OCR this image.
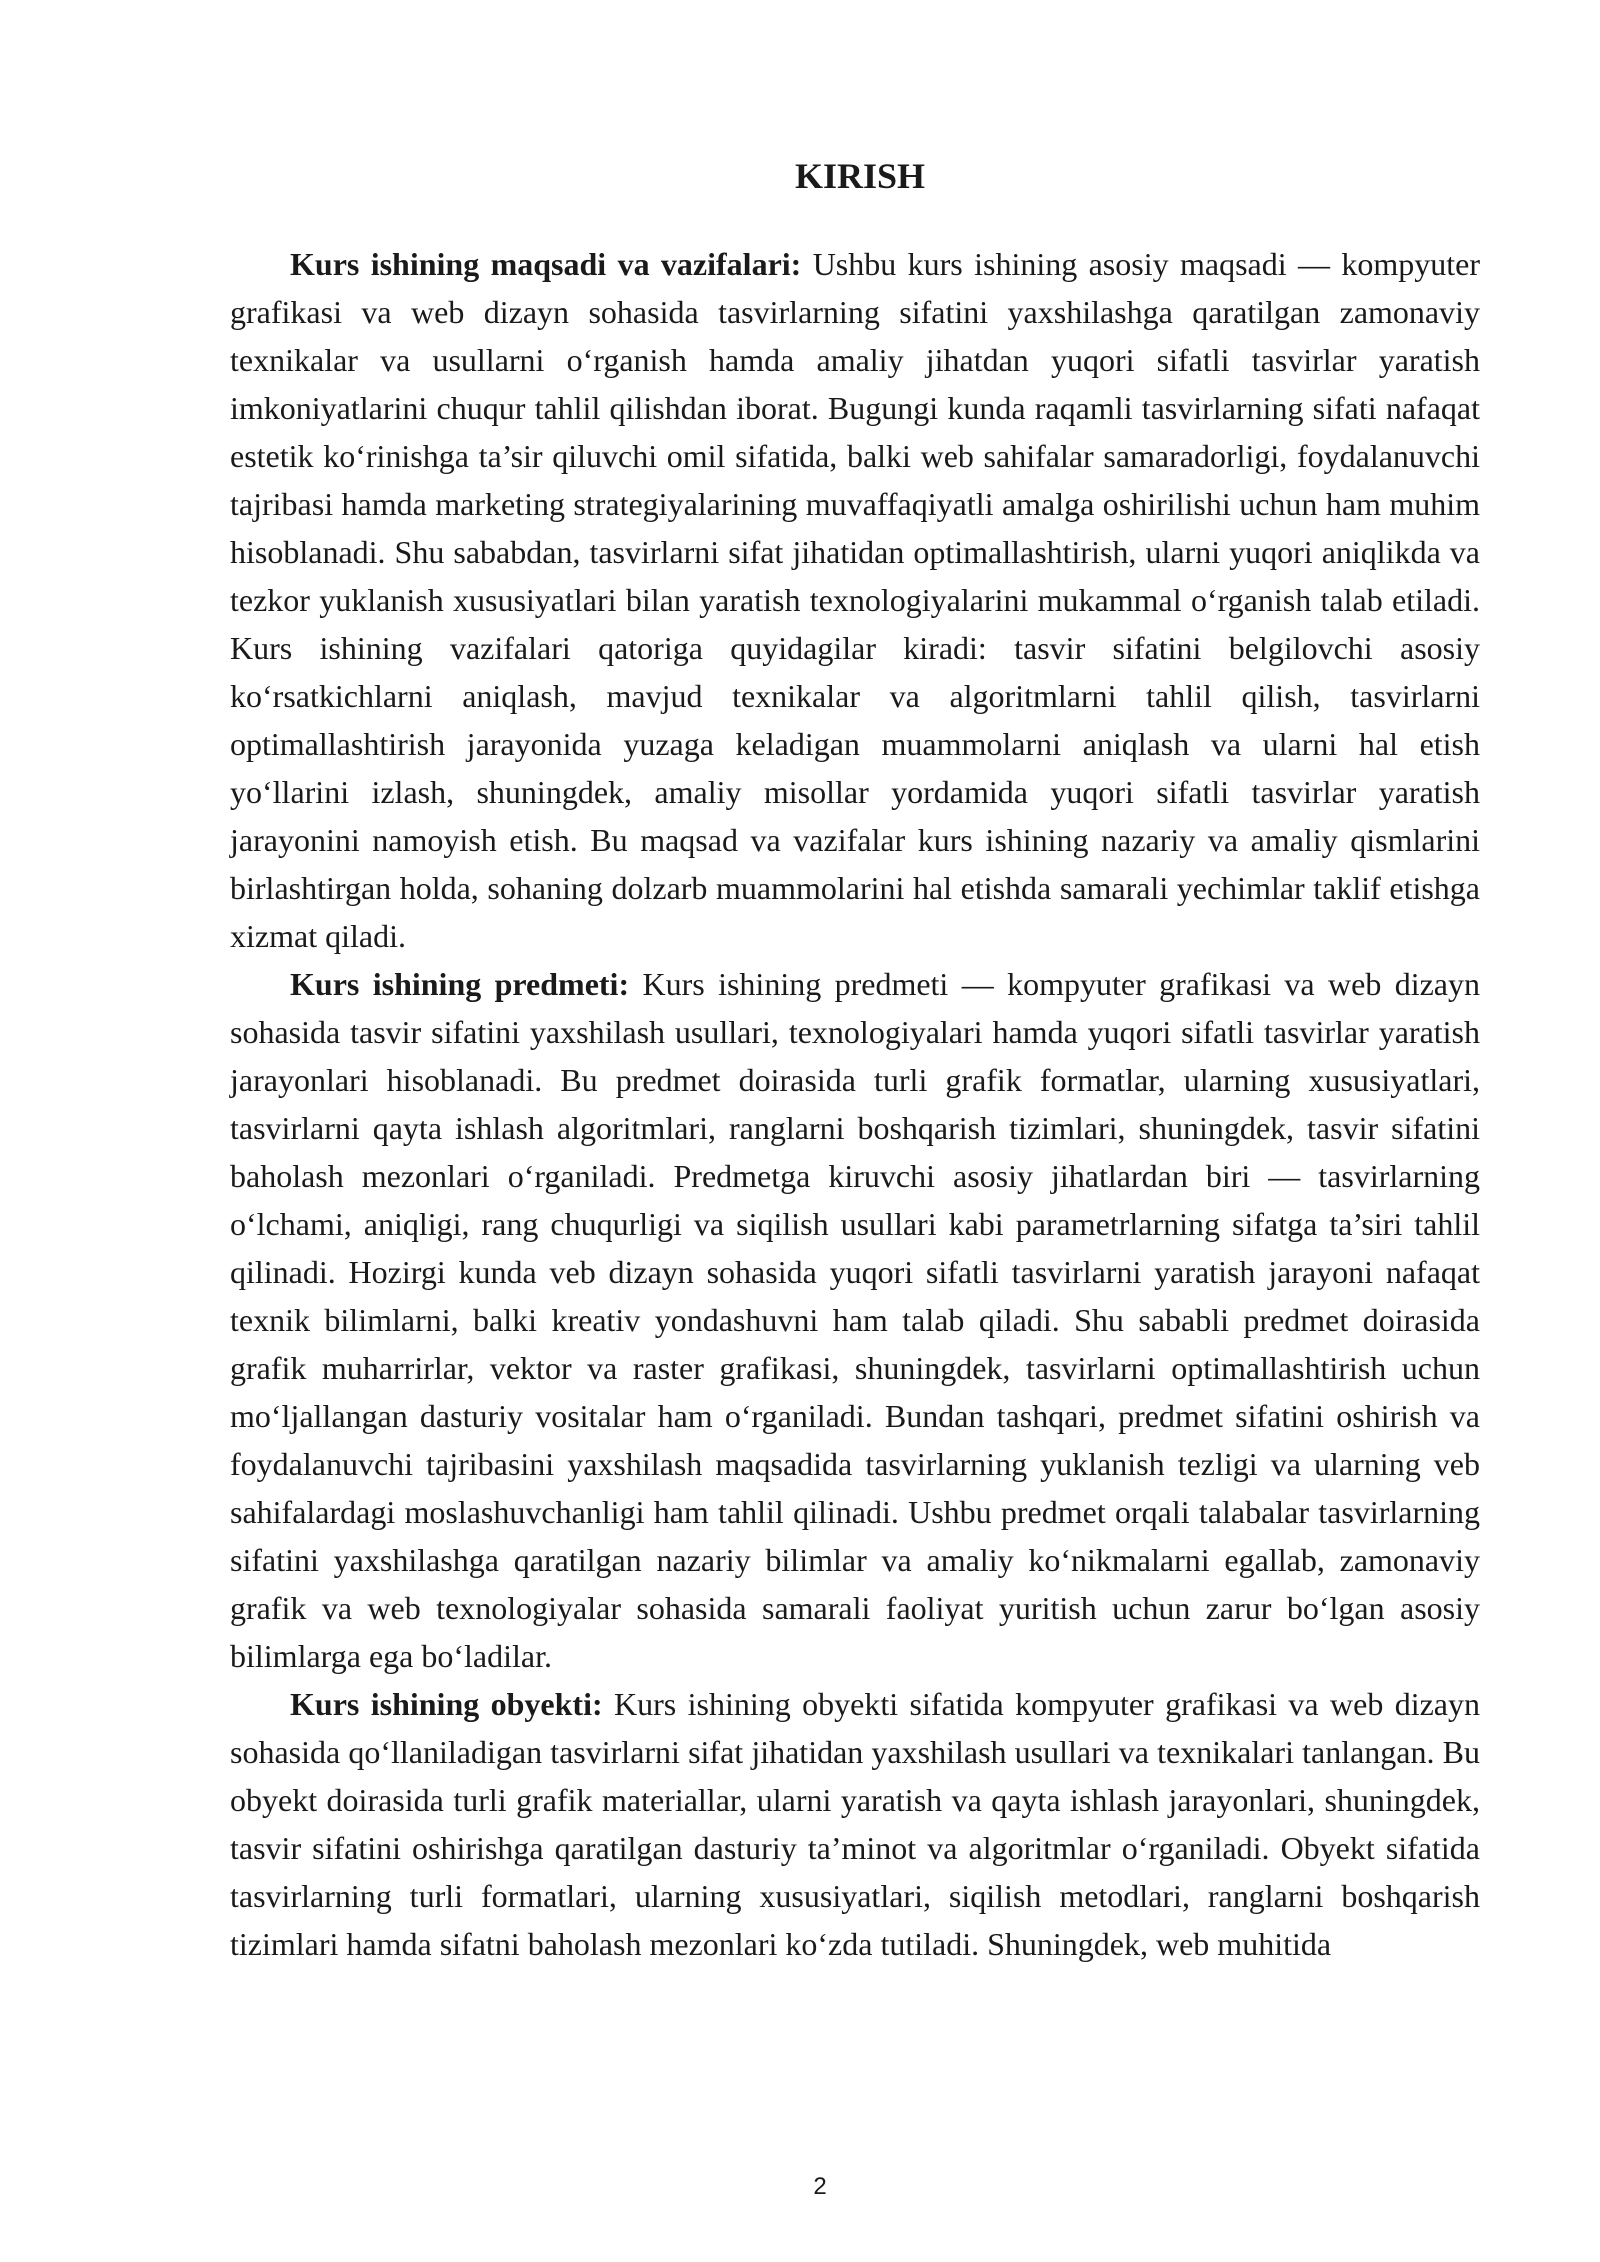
KIRISH

Kurs ishining maqsadi va vazifalari: Ushbu kurs ishining asosiy maqsadi — kompyuter grafikasi va web dizayn sohasida tasvirlarning sifatini yaxshilashga qaratilgan zamonaviy texnikalar va usullarni o‘rganish hamda amaliy jihatdan yuqori sifatli tasvirlar yaratish imkoniyatlarini chuqur tahlil qilishdan iborat. Bugungi kunda raqamli tasvirlarning sifati nafaqat estetik ko‘rinishga ta’sir qiluvchi omil sifatida, balki web sahifalar samaradorligi, foydalanuvchi tajribasi hamda marketing strategiyalarining muvaffaqiyatli amalga oshirilishi uchun ham muhim hisoblanadi. Shu sababdan, tasvirlarni sifat jihatidan optimallashtirish, ularni yuqori aniqlikda va tezkor yuklanish xususiyatlari bilan yaratish texnologiyalarini mukammal o‘rganish talab etiladi. Kurs ishining vazifalari qatoriga quyidagilar kiradi: tasvir sifatini belgilovchi asosiy ko‘rsatkichlarni aniqlash, mavjud texnikalar va algoritmlarni tahlil qilish, tasvirlarni optimallashtirish jarayonida yuzaga keladigan muammolarni aniqlash va ularni hal etish yo‘llarini izlash, shuningdek, amaliy misollar yordamida yuqori sifatli tasvirlar yaratish jarayonini namoyish etish. Bu maqsad va vazifalar kurs ishining nazariy va amaliy qismlarini birlashtirgan holda, sohaning dolzarb muammolarini hal etishda samarali yechimlar taklif etishga xizmat qiladi.

Kurs ishining predmeti: Kurs ishining predmeti — kompyuter grafikasi va web dizayn sohasida tasvir sifatini yaxshilash usullari, texnologiyalari hamda yuqori sifatli tasvirlar yaratish jarayonlari hisoblanadi. Bu predmet doirasida turli grafik formatlar, ularning xususiyatlari, tasvirlarni qayta ishlash algoritmlari, ranglarni boshqarish tizimlari, shuningdek, tasvir sifatini baholash mezonlari o‘rganiladi. Predmetga kiruvchi asosiy jihatlardan biri — tasvirlarning o‘lchami, aniqligi, rang chuqurligi va siqilish usullari kabi parametrlarning sifatga ta’siri tahlil qilinadi. Hozirgi kunda veb dizayn sohasida yuqori sifatli tasvirlarni yaratish jarayoni nafaqat texnik bilimlarni, balki kreativ yondashuvni ham talab qiladi. Shu sababli predmet doirasida grafik muharrirlar, vektor va raster grafikasi, shuningdek, tasvirlarni optimallashtirish uchun mo‘ljallangan dasturiy vositalar ham o‘rganiladi. Bundan tashqari, predmet sifatini oshirish va foydalanuvchi tajribasini yaxshilash maqsadida tasvirlarning yuklanish tezligi va ularning veb sahifalardagi moslashuvchanligi ham tahlil qilinadi. Ushbu predmet orqali talabalar tasvirlarning sifatini yaxshilashga qaratilgan nazariy bilimlar va amaliy ko‘nikmalarni egallab, zamonaviy grafik va web texnologiyalar sohasida samarali faoliyat yuritish uchun zarur bo‘lgan asosiy bilimlarga ega bo‘ladilar.

Kurs ishining obyekti: Kurs ishining obyekti sifatida kompyuter grafikasi va web dizayn sohasida qo‘llaniladigan tasvirlarni sifat jihatidan yaxshilash usullari va texnikalari tanlangan. Bu obyekt doirasida turli grafik materiallar, ularni yaratish va qayta ishlash jarayonlari, shuningdek, tasvir sifatini oshirishga qaratilgan dasturiy ta’minot va algoritmlar o‘rganiladi. Obyekt sifatida tasvirlarning turli formatlari, ularning xususiyatlari, siqilish metodlari, ranglarni boshqarish tizimlari hamda sifatni baholash mezonlari ko‘zda tutiladi. Shuningdek, web muhitida

2
